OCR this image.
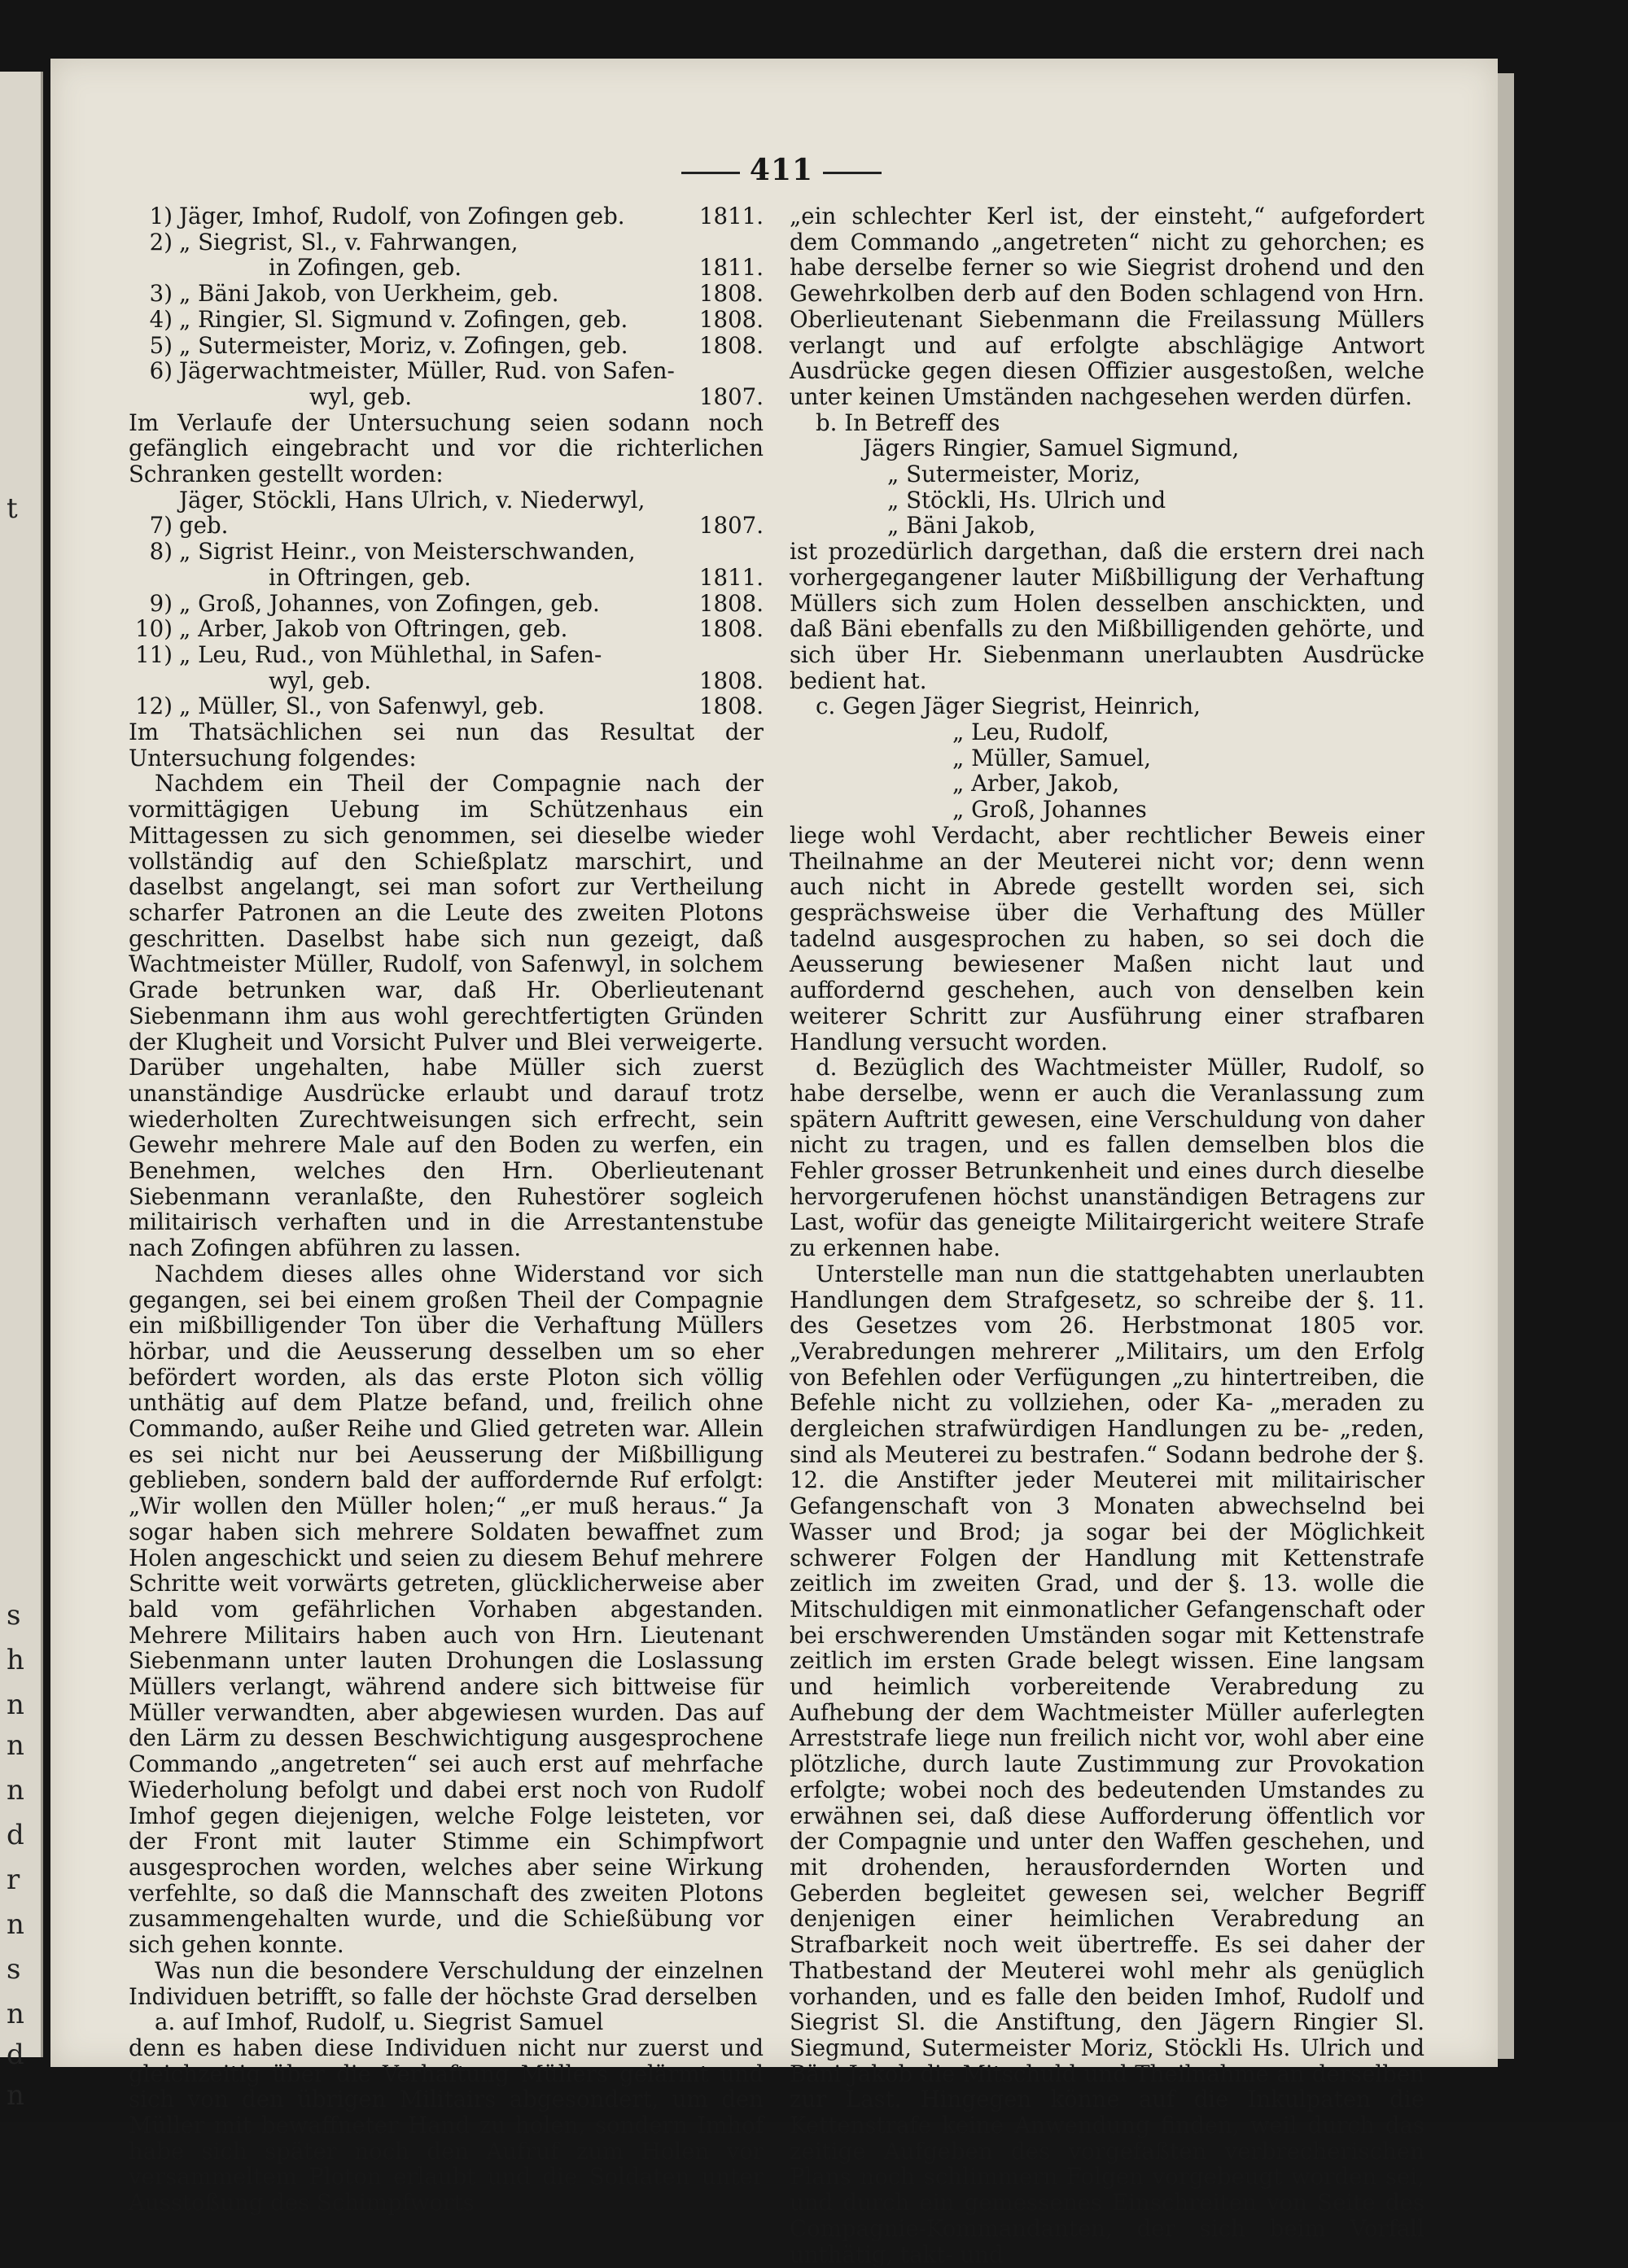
t
s
h
n
n
n
d
r
n
s
n
d
n
411
1) Jäger, Imhof, Rudolf, von Zofingen geb.	1811.
2) „ Siegrist, Sl., v. Fahrwangen,
in Zofingen, geb.	1811.
3) „ Bäni Jakob, von Uerkheim, geb.	1808.
4) „ Ringier, Sl. Sigmund v. Zofingen, geb.	1808.
5) „ Sutermeister, Moriz, v. Zofingen, geb.	1808.
6) Jägerwachtmeister, Müller, Rud. von Safen-
wyl, geb.	1807.

Im Verlaufe der Untersuchung seien sodann noch gefänglich eingebracht und vor die richterlichen Schranken gestellt worden:

7)
Jäger, Stöckli, Hans Ulrich, v. Niederwyl, geb.	1807.
8) „ Sigrist Heinr., von Meisterschwanden,
in Oftringen, geb.	1811.
9) „ Groß, Johannes, von Zofingen, geb.	1808.
10) „ Arber, Jakob von Oftringen, geb.	1808.
11) „ Leu, Rud., von Mühlethal, in Safen-
wyl, geb.	1808.
12) „ Müller, Sl., von Safenwyl, geb.	1808.

Im Thatsächlichen sei nun das Resultat der Untersuchung folgendes:

Nachdem ein Theil der Compagnie nach der vormittägigen Uebung im Schützenhaus ein Mittagessen zu sich genommen, sei dieselbe wieder vollständig auf den Schießplatz marschirt, und daselbst angelangt, sei man sofort zur Vertheilung scharfer Patronen an die Leute des zweiten Plotons geschritten. Daselbst habe sich nun gezeigt, daß Wachtmeister Müller, Rudolf, von Safenwyl, in solchem Grade betrunken war, daß Hr. Oberlieutenant Siebenmann ihm aus wohl gerechtfertigten Gründen der Klugheit und Vorsicht Pulver und Blei verweigerte. Darüber ungehalten, habe Müller sich zuerst unanständige Ausdrücke erlaubt und darauf trotz wiederholten Zurechtweisungen sich erfrecht, sein Gewehr mehrere Male auf den Boden zu werfen, ein Benehmen, welches den Hrn. Oberlieutenant Siebenmann veranlaßte, den Ruhestörer sogleich militairisch verhaften und in die Arrestantenstube nach Zofingen abführen zu lassen.

Nachdem dieses alles ohne Widerstand vor sich gegangen, sei bei einem großen Theil der Compagnie ein mißbilligender Ton über die Verhaftung Müllers hörbar, und die Aeusserung desselben um so eher befördert worden, als das erste Ploton sich völlig unthätig auf dem Platze befand, und, freilich ohne Commando, außer Reihe und Glied getreten war. Allein es sei nicht nur bei Aeusserung der Mißbilligung geblieben, sondern bald der auffordernde Ruf erfolgt: „Wir wollen den Müller holen;“ „er muß heraus.“ Ja sogar haben sich mehrere Soldaten bewaffnet zum Holen angeschickt und seien zu diesem Behuf mehrere Schritte weit vorwärts getreten, glücklicherweise aber bald vom gefährlichen Vorhaben abgestanden. Mehrere Militairs haben auch von Hrn. Lieutenant Siebenmann unter lauten Drohungen die Loslassung Müllers verlangt, während andere sich bittweise für Müller verwandten, aber abgewiesen wurden. Das auf den Lärm zu dessen Beschwichtigung ausgesprochene Commando „angetreten“ sei auch erst auf mehrfache Wiederholung befolgt und dabei erst noch von Rudolf Imhof gegen diejenigen, welche Folge leisteten, vor der Front mit lauter Stimme ein Schimpfwort ausgesprochen worden, welches aber seine Wirkung verfehlte, so daß die Mannschaft des zweiten Plotons zusammengehalten wurde, und die Schießübung vor sich gehen konnte.

Was nun die besondere Verschuldung der einzelnen Individuen betrifft, so falle der höchste Grad derselben

a. auf Imhof, Rudolf, u. Siegrist Samuel

denn es haben diese Individuen nicht nur zuerst und gleichzeitig über die Verhaftung Müllers gelärmt und sich von den übrigen Militairs abgesondert, um den Müller mit bewaffneter Hand zu holen, sondern Imhof habe sich später noch den Aufruf zum Holen vor versammeltem Ploton erlaubt und die Soldaten unter Ausstoßung des Schimpfworts

„ein schlechter Kerl ist, der einsteht,“ aufgefordert dem Commando „angetreten“ nicht zu gehorchen; es habe derselbe ferner so wie Siegrist drohend und den Gewehrkolben derb auf den Boden schlagend von Hrn. Oberlieutenant Siebenmann die Freilassung Müllers verlangt und auf erfolgte abschlägige Antwort Ausdrücke gegen diesen Offizier ausgestoßen, welche unter keinen Umständen nachgesehen werden dürfen.

b. In Betreff des

Jägers Ringier, Samuel Sigmund,

„ Sutermeister, Moriz,

„ Stöckli, Hs. Ulrich und

„ Bäni Jakob,

ist prozedürlich dargethan, daß die erstern drei nach vorhergegangener lauter Mißbilligung der Verhaftung Müllers sich zum Holen desselben anschickten, und daß Bäni ebenfalls zu den Mißbilligenden gehörte, und sich über Hr. Siebenmann unerlaubten Ausdrücke bedient hat.

c. Gegen Jäger Siegrist, Heinrich,

„ Leu, Rudolf,

„ Müller, Samuel,

„ Arber, Jakob,

„ Groß, Johannes

liege wohl Verdacht, aber rechtlicher Beweis einer Theilnahme an der Meuterei nicht vor; denn wenn auch nicht in Abrede gestellt worden sei, sich gesprächsweise über die Verhaftung des Müller tadelnd ausgesprochen zu haben, so sei doch die Aeusserung bewiesener Maßen nicht laut und auffordernd geschehen, auch von denselben kein weiterer Schritt zur Ausführung einer strafbaren Handlung versucht worden.

d. Bezüglich des Wachtmeister Müller, Rudolf, so habe derselbe, wenn er auch die Veranlassung zum spätern Auftritt gewesen, eine Verschuldung von daher nicht zu tragen, und es fallen demselben blos die Fehler grosser Betrunkenheit und eines durch dieselbe hervorgerufenen höchst unanständigen Betragens zur Last, wofür das geneigte Militairgericht weitere Strafe zu erkennen habe.

Unterstelle man nun die stattgehabten unerlaubten Handlungen dem Strafgesetz, so schreibe der §. 11. des Gesetzes vom 26. Herbstmonat 1805 vor. „Verabredungen mehrerer „Militairs, um den Erfolg von Befehlen oder Verfügungen „zu hintertreiben, die Befehle nicht zu vollziehen, oder Ka- „meraden zu dergleichen strafwürdigen Handlungen zu be- „reden, sind als Meuterei zu bestrafen.“ Sodann bedrohe der §. 12. die Anstifter jeder Meuterei mit militairischer Gefangenschaft von 3 Monaten abwechselnd bei Wasser und Brod; ja sogar bei der Möglichkeit schwerer Folgen der Handlung mit Kettenstrafe zeitlich im zweiten Grad, und der §. 13. wolle die Mitschuldigen mit einmonatlicher Gefangenschaft oder bei erschwerenden Umständen sogar mit Kettenstrafe zeitlich im ersten Grade belegt wissen. Eine langsam und heimlich vorbereitende Verabredung zu Aufhebung der dem Wachtmeister Müller auferlegten Arreststrafe liege nun freilich nicht vor, wohl aber eine plötzliche, durch laute Zustimmung zur Provokation erfolgte; wobei noch des bedeutenden Umstandes zu erwähnen sei, daß diese Aufforderung öffentlich vor der Compagnie und unter den Waffen geschehen, und mit drohenden, herausfordernden Worten und Geberden begleitet gewesen sei, welcher Begriff denjenigen einer heimlichen Verabredung an Strafbarkeit noch weit übertreffe. Es sei daher der Thatbestand der Meuterei wohl mehr als genüglich vorhanden, und es falle den beiden Imhof, Rudolf und Siegrist Sl. die Anstiftung, den Jägern Ringier Sl. Siegmund, Sutermeister Moriz, Stöckli Hs. Ulrich und Bäni Jakob die Mitschuld und Theilnahme an derselben zur Last. Hingegen könne auf die Inkulpaten die Kettenstrafe keine Anwendung finden, weil durch das zeitige Aufgeben des vorgefaßten verbrecherischen Plans noch schlimmern Folgen vorgebeugt worden sei, und durch ein gemessenes Einschreiten von Seite des Compagnie-Kommandanten, der sich beim Vorfall unthätig, takt- und
